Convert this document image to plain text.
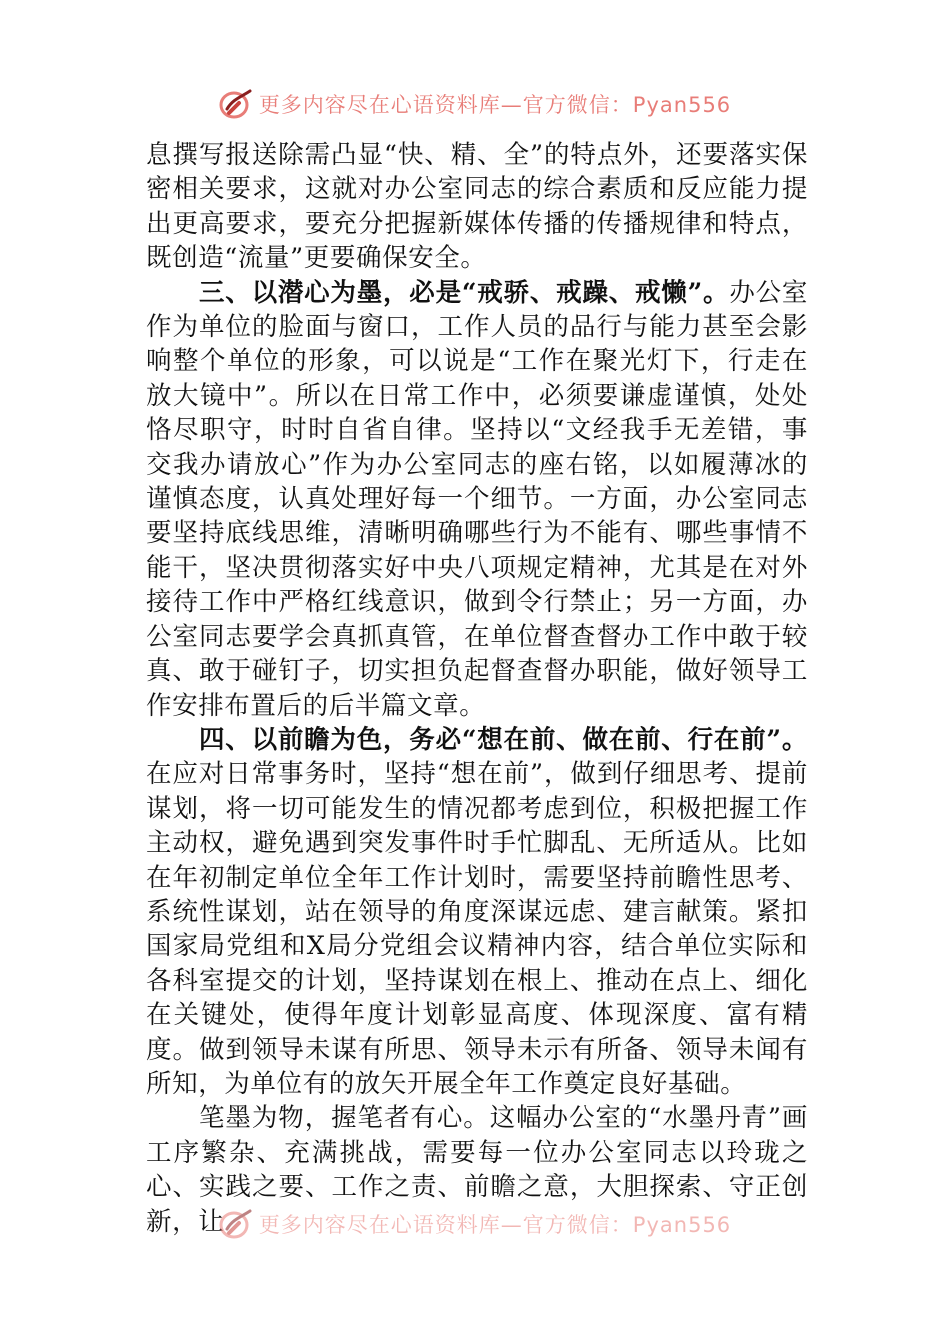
更多内容尽在心语资料库—官方微信：Pyan556

息撰写报送除需凸显“快、精、全”的特点外，还要落实保密相关要求，这就对办公室同志的综合素质和反应能力提出更高要求，要充分把握新媒体传播的传播规律和特点，既创造“流量”更要确保安全。

三、以潜心为墨，必是“戒骄、戒躁、戒懒”。办公室作为单位的脸面与窗口，工作人员的品行与能力甚至会影响整个单位的形象，可以说是“工作在聚光灯下，行走在放大镜中”。所以在日常工作中，必须要谦虚谨慎，处处恪尽职守，时时自省自律。坚持以“文经我手无差错，事交我办请放心”作为办公室同志的座右铭，以如履薄冰的谨慎态度，认真处理好每一个细节。一方面，办公室同志要坚持底线思维，清晰明确哪些行为不能有、哪些事情不能干，坚决贯彻落实好中央八项规定精神，尤其是在对外接待工作中严格红线意识，做到令行禁止；另一方面，办公室同志要学会真抓真管，在单位督查督办工作中敢于较真、敢于碰钉子，切实担负起督查督办职能，做好领导工作安排布置后的后半篇文章。

四、以前瞻为色，务必“想在前、做在前、行在前”。在应对日常事务时，坚持“想在前”，做到仔细思考、提前谋划，将一切可能发生的情况都考虑到位，积极把握工作主动权，避免遇到突发事件时手忙脚乱、无所适从。比如在年初制定单位全年工作计划时，需要坚持前瞻性思考、系统性谋划，站在领导的角度深谋远虑、建言献策。紧扣国家局党组和X局分党组会议精神内容，结合单位实际和各科室提交的计划，坚持谋划在根上、推动在点上、细化在关键处，使得年度计划彰显高度、体现深度、富有精度。做到领导未谋有所思、领导未示有所备、领导未闻有所知，为单位有的放矢开展全年工作奠定良好基础。

笔墨为物，握笔者有心。这幅办公室的“水墨丹青”画工序繁杂、充满挑战，需要每一位办公室同志以玲珑之心、实践之要、工作之责、前瞻之意，大胆探索、守正创新，让	更多内容尽在心语资料库—官方微信：Pyan556
